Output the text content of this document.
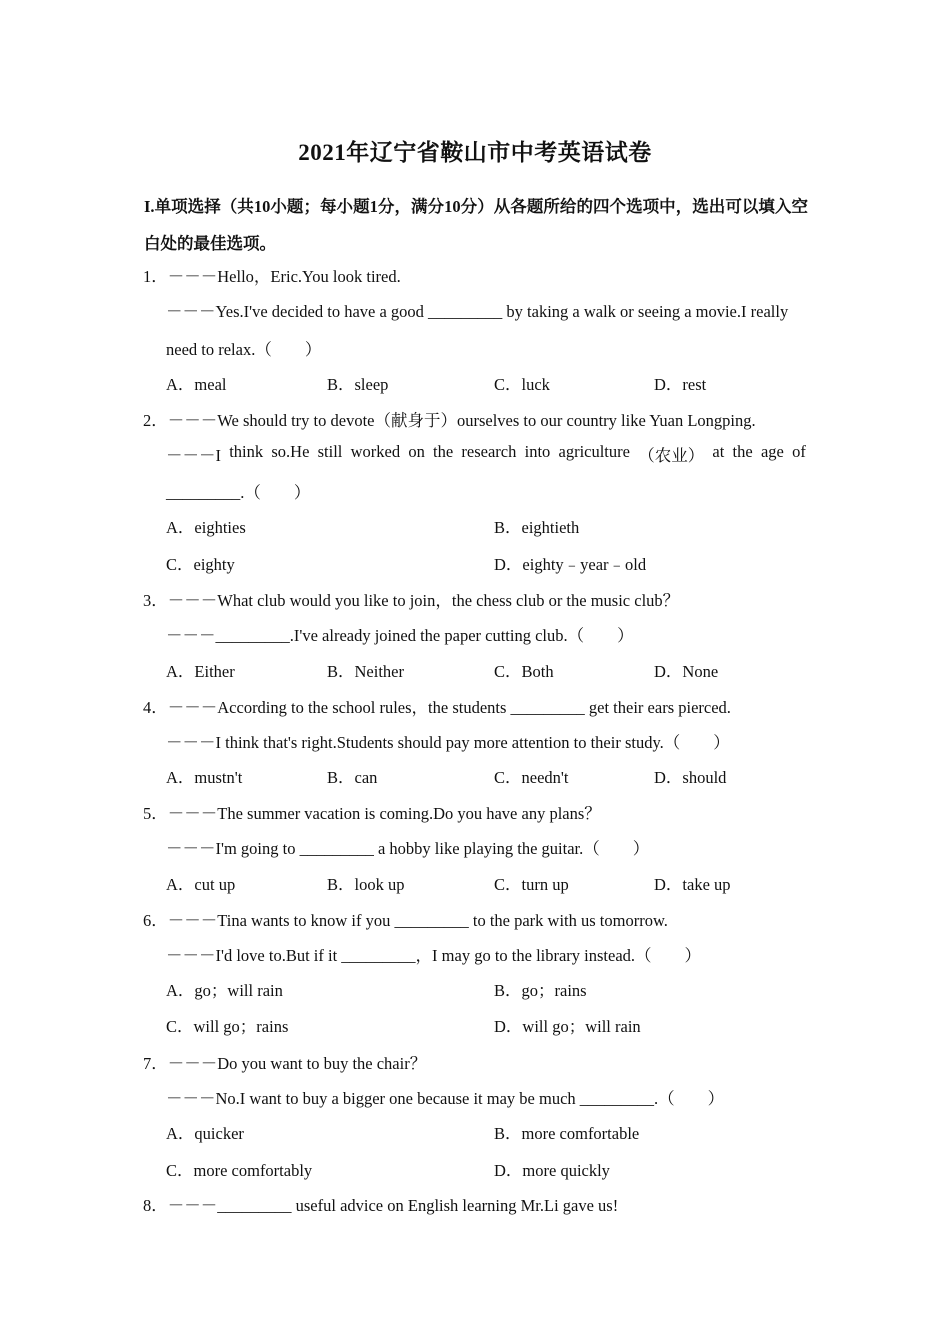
2021年辽宁省鞍山市中考英语试卷
I.单项选择（共10小题；每小题1分，满分10分）从各题所给的四个选项中，选出可以填入空白处的最佳选项。
1．－－－Hello，Eric.You look tired.
－－－Yes.I've decided to have a good _________ by taking a walk or seeing a movie.I really
need to relax.（　　）
A．meal	B．sleep	C．luck	D．rest
2．－－－We should try to devote（献身于）ourselves to our country like Yuan Longping.
－－－I think so.He still worked on the research into agriculture （农业） at the age of
_________.（　　）
A．eighties	B．eightieth
C．eighty	D．eighty﹣year﹣old
3．－－－What club would you like to join，the chess club or the music club？
－－－_________.I've already joined the paper cutting club.（　　）
A．Either	B．Neither	C．Both	D．None
4．－－－According to the school rules，the students _________ get their ears pierced.
－－－I think that's right.Students should pay more attention to their study.（　　）
A．mustn't	B．can	C．needn't	D．should
5．－－－The summer vacation is coming.Do you have any plans？
－－－I'm going to _________ a hobby like playing the guitar.（　　）
A．cut up	B．look up	C．turn up	D．take up
6．－－－Tina wants to know if you _________ to the park with us tomorrow.
－－－I'd love to.But if it _________，I may go to the library instead.（　　）
A．go；will rain	B．go；rains
C．will go；rains	D．will go；will rain
7．－－－Do you want to buy the chair？
－－－No.I want to buy a bigger one because it may be much _________.（　　）
A．quicker	B．more comfortable
C．more comfortably	D．more quickly
8．－－－_________ useful advice on English learning Mr.Li gave us!
